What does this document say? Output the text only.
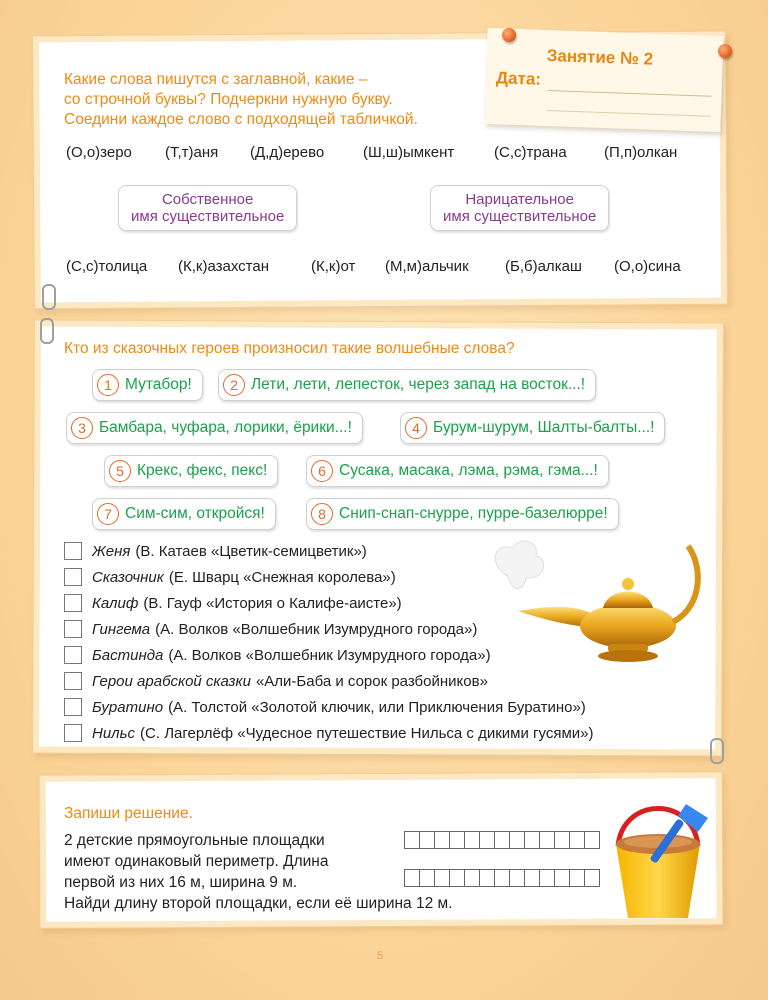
Какие слова пишутся с заглавной, какие –
со строчной буквы? Подчеркни нужную букву.
Соедини каждое слово с подходящей табличкой.
Занятие № 2
Дата:
(О,о)зеро (Т,т)аня (Д,д)ерево	(Ш,ш)ымкент	(С,с)трана (П,п)олкан
Собственное
имя существительное
Нарицательное
имя существительное
(С,с)толица (К,к)азахстан	(К,к)от (М,м)альчик (Б,б)алкаш (О,о)сина
Кто из сказочных героев произносил такие волшебные слова?
1 Мутабор!	2 Лети, лети, лепесток, через запад на восток...!
3 Бамбара, чуфара, лорики, ёрики...!	4 Бурум-шурум, Шалты-балты...!
5 Крекс, фекс, пекс!	6 Сусака, масака, лэма, рэма, гэма...!
7 Сим-сим, откройся!	8 Снип-снап-снурре, пурре-базелюрре!
Женя (В. Катаев «Цветик-семицветик»)
Сказочник (Е. Шварц «Снежная королева»)
Калиф (В. Гауф «История о Калифе-аисте»)
Гингема (А. Волков «Волшебник Изумрудного города»)
Бастинда (А. Волков «Волшебник Изумрудного города»)
Герои арабской сказки «Али-Баба и сорок разбойников»
Буратино (А. Толстой «Золотой ключик, или Приключения Буратино»)
Нильс (С. Лагерлёф «Чудесное путешествие Нильса с дикими гусями»)
Запиши решение.
2 детские прямоугольные площадки
имеют одинаковый периметр. Длина
первой из них 16 м, ширина 9 м.
Найди длину второй площадки, если её ширина 12 м.
5
